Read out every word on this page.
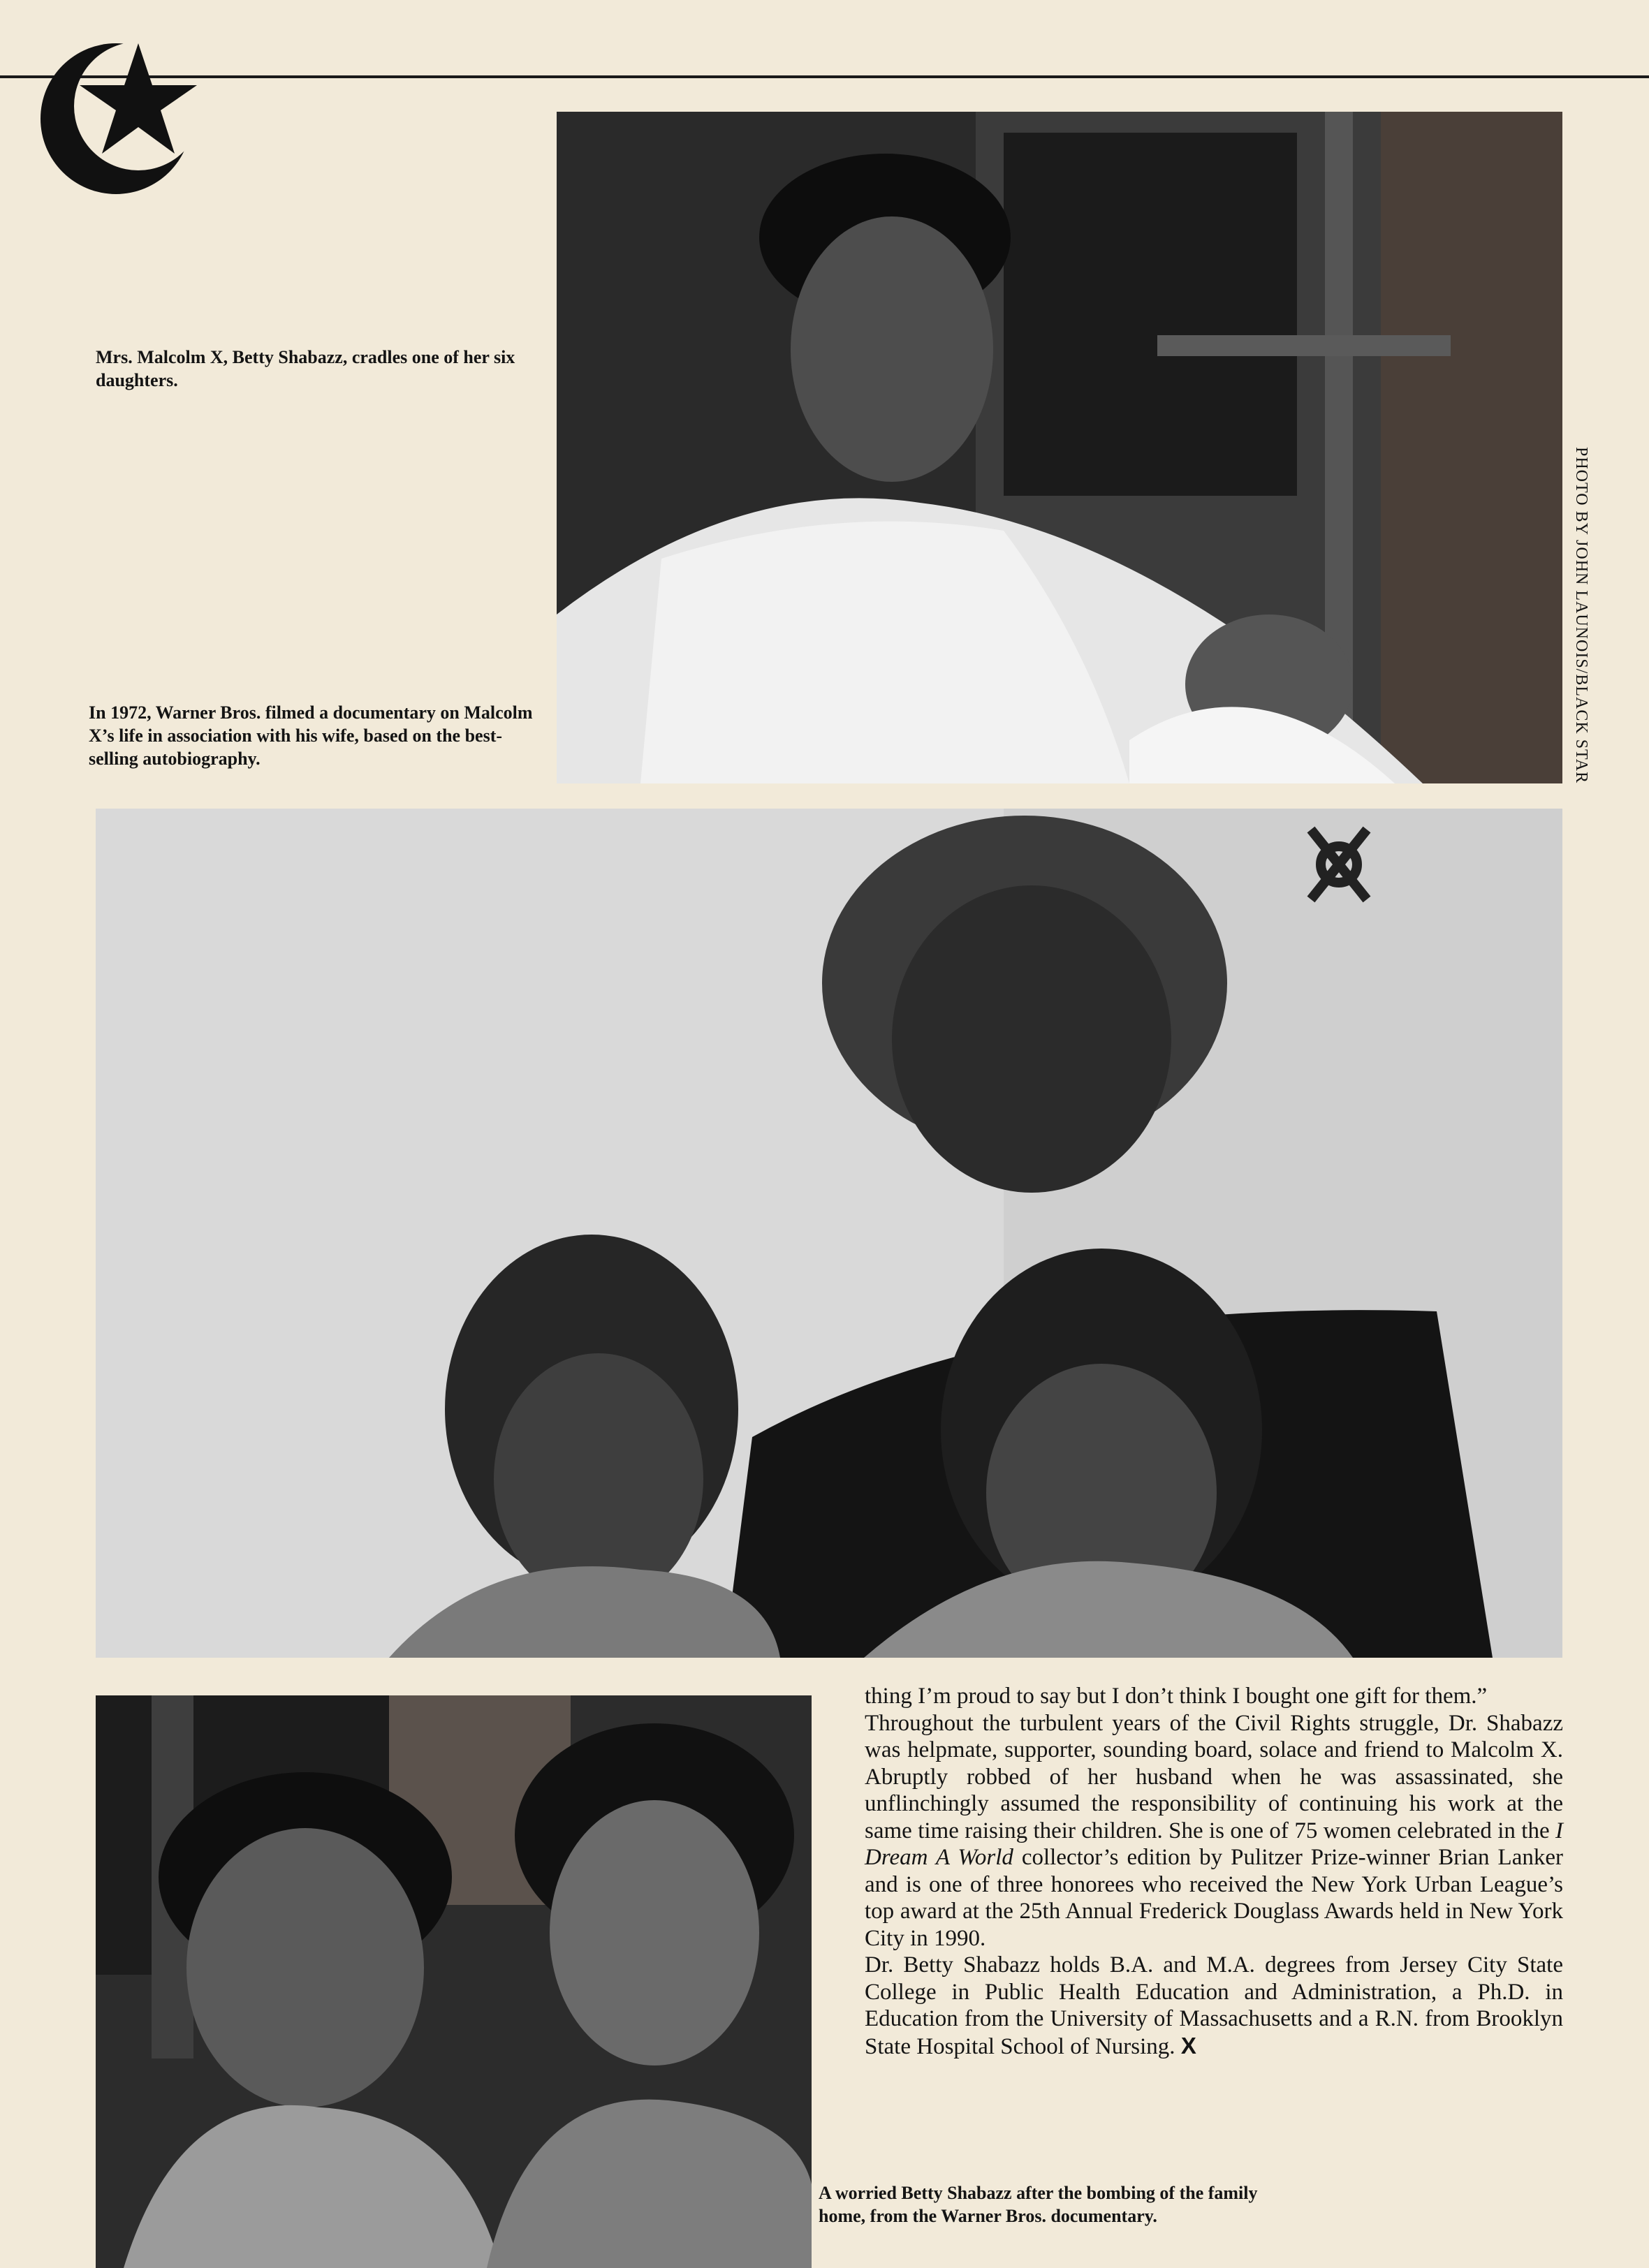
Mrs. Malcolm X, Betty Shabazz, cradles one of her six daughters.
In 1972, Warner Bros. filmed a documentary on Malcolm X’s life in association with his wife, based on the best-selling autobiography.	PHOTO BY JOHN LAUNOIS/BLACK STAR

thing I’m proud to say but I don’t think I bought one gift for them.”

Throughout the turbulent years of the Civil Rights struggle, Dr. Shabazz was helpmate, supporter, sounding board, solace and friend to Malcolm X. Abruptly robbed of her husband when he was assassinated, she unflinchingly assumed the responsibility of continuing his work at the same time raising their children. She is one of 75 women celebrated in the I Dream A World collector’s edition by Pulitzer Prize-winner Brian Lanker and is one of three honorees who received the New York Urban League’s top award at the 25th Annual Frederick Douglass Awards held in New York City in 1990.

Dr. Betty Shabazz holds B.A. and M.A. degrees from Jersey City State College in Public Health Education and Administration, a Ph.D. in Education from the University of Massachusetts and a R.N. from Brooklyn State Hospital School of Nursing. X

A worried Betty Shabazz after the bombing of the family home, from the Warner Bros. documentary.
